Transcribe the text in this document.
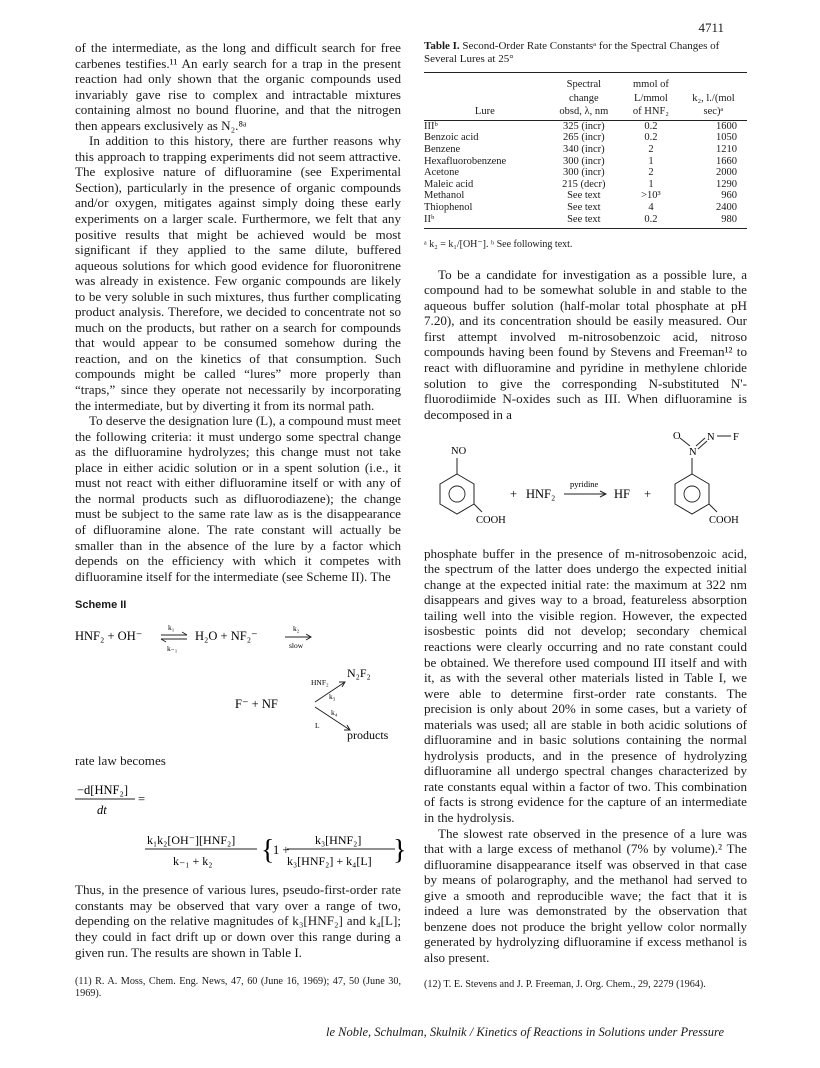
4711

of the intermediate, as the long and difficult search for free carbenes testifies.¹¹ An early search for a trap in the present reaction had only shown that the organic compounds used invariably gave rise to complex and intractable mixtures containing almost no bound fluorine, and that the nitrogen then appears exclusively as N₂.⁸ᵃ

In addition to this history, there are further reasons why this approach to trapping experiments did not seem attractive. The explosive nature of difluoramine (see Experimental Section), particularly in the presence of organic compounds and/or oxygen, mitigates against simply doing these early experiments on a larger scale. Furthermore, we felt that any positive results that might be achieved would be most significant if they applied to the same dilute, buffered aqueous solutions for which good evidence for fluoronitrene was already in existence. Few organic compounds are likely to be very soluble in such mixtures, thus further complicating product analysis. Therefore, we decided to concentrate not so much on the products, but rather on a search for compounds that would appear to be consumed somehow during the reaction, and on the kinetics of that consumption. Such compounds might be called “lures” more properly than “traps,” since they operate not necessarily by incorporating the intermediate, but by diverting it from its normal path.

To deserve the designation lure (L), a compound must meet the following criteria: it must undergo some spectral change as the difluoramine hydrolyzes; this change must not take place in either acidic solution or in a spent solution (i.e., it must not react with either difluoramine itself or with any of the normal products such as difluorodiazene); the change must be subject to the same rate law as is the disappearance of difluoramine alone. The rate constant will actually be smaller than in the absence of the lure by a factor which depends on the efficiency with which it competes with difluoramine itself for the intermediate (see Scheme II). The

Scheme II
HNF₂ + OH⁻
k₁
k₋₁
H₂O + NF₂⁻
k₂
slow
HNF₂
N₂F₂
k₃
F⁻ + NF
k₄
L
products

rate law becomes

−d[HNF₂]
dt
=
k₁k₂[OH⁻][HNF₂]
k₋₁ + k₂ {
1 +
k₃[HNF₂]
k₃[HNF₂] + k₄[L] }

Thus, in the presence of various lures, pseudo-first-order rate constants may be observed that vary over a range of two, depending on the relative magnitudes of k₃[HNF₂] and k₄[L]; they could in fact drift up or down over this range during a given run. The results are shown in Table I.

(11) R. A. Moss, Chem. Eng. News, 47, 60 (June 16, 1969); 47, 50 (June 30, 1969).

Table I. Second-Order Rate Constantsᵃ for the Spectral Changes of Several Lures at 25°
	Spectral	mmol of	
	change	L/mmol	k₂, l./(mol
Lure	obsd, λ, nm	of HNF₂	sec)ᵃ
IIIᵇ	325 (incr)	0.2	1600
Benzoic acid	265 (incr)	0.2	1050
Benzene	340 (incr)	2	1210
Hexafluorobenzene	300 (incr)	1	1660
Acetone	300 (incr)	2	2000
Maleic acid	215 (decr)	1	1290
Methanol	See text	>10³	960
Thiophenol	See text	4	2400
IIᵇ	See text	0.2	980
ᵃ k₂ = k₁/[OH⁻]. ᵇ See following text.

To be a candidate for investigation as a possible lure, a compound had to be somewhat soluble in and stable to the aqueous buffer solution (half-molar total phosphate at pH 7.20), and its concentration should be easily measured. Our first attempt involved m-nitrosobenzoic acid, nitroso compounds having been found by Stevens and Freeman¹² to react with difluoramine and pyridine in methylene chloride solution to give the corresponding N-substituted N'-fluorodiimide N-oxides such as III. When difluoramine is decomposed in a

NO
COOH
+ HNF₂
pyridine
HF +
O
N
N F
COOH

phosphate buffer in the presence of m-nitrosobenzoic acid, the spectrum of the latter does undergo the expected initial change at the expected initial rate: the maximum at 322 nm disappears and gives way to a broad, featureless absorption tailing well into the visible region. However, the expected isosbestic points did not develop; secondary chemical reactions were clearly occurring and no rate constant could be obtained. We therefore used compound III itself and with it, as with the several other materials listed in Table I, we were able to determine first-order rate constants. The precision is only about 20% in some cases, but a variety of materials was used; all are stable in both acidic solutions of difluoramine and in basic solutions containing the normal hydrolysis products, and in the presence of hydrolyzing difluoramine all undergo spectral changes characterized by rate constants equal within a factor of two. This combination of facts is strong evidence for the capture of an intermediate in the hydrolysis.

The slowest rate observed in the presence of a lure was that with a large excess of methanol (7% by volume).² The difluoramine disappearance itself was observed in that case by means of polarography, and the methanol had served to give a smooth and reproducible wave; the fact that it is indeed a lure was demonstrated by the observation that benzene does not produce the bright yellow color normally generated by hydrolyzing difluoramine if excess methanol is also present.

(12) T. E. Stevens and J. P. Freeman, J. Org. Chem., 29, 2279 (1964).

le Noble, Schulman, Skulnik / Kinetics of Reactions in Solutions under Pressure
